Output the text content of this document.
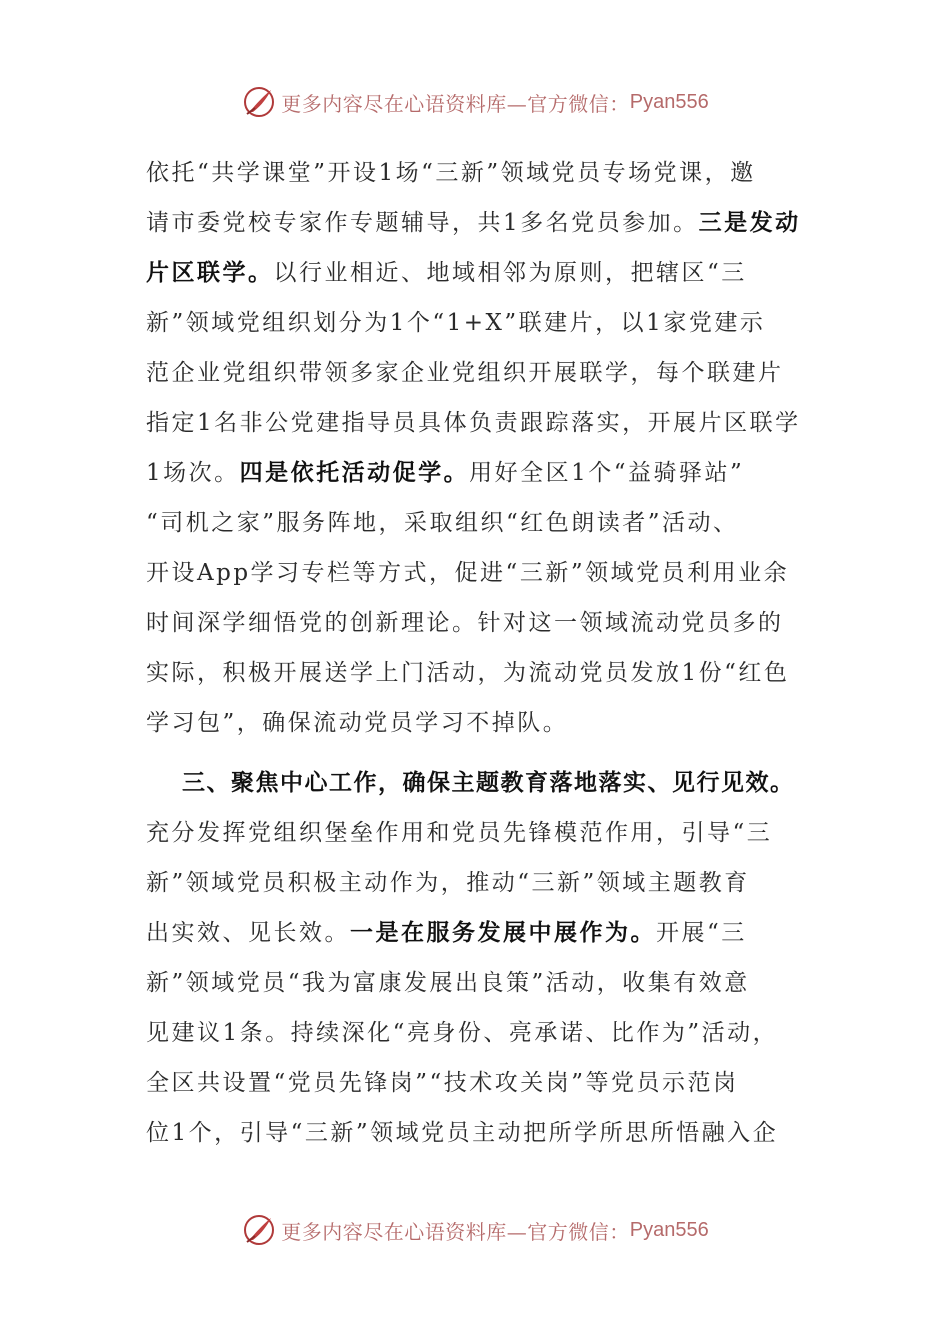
更多内容尽在心语资料库—官方微信： Pyan556
依托“共学课堂”开设1场“三新”领域党员专场党课，邀
请市委党校专家作专题辅导，共1多名党员参加。三是发动
片区联学。以行业相近、地域相邻为原则，把辖区“三
新”领域党组织划分为1个“1+X”联建片，以1家党建示
范企业党组织带领多家企业党组织开展联学，每个联建片
指定1名非公党建指导员具体负责跟踪落实，开展片区联学
1场次。四是依托活动促学。用好全区1个“益骑驿站”
“司机之家”服务阵地，采取组织“红色朗读者”活动、
开设App学习专栏等方式，促进“三新”领域党员利用业余
时间深学细悟党的创新理论。针对这一领域流动党员多的
实际，积极开展送学上门活动，为流动党员发放1份“红色
学习包”，确保流动党员学习不掉队。
三、聚焦中心工作，确保主题教育落地落实、见行见效。
充分发挥党组织堡垒作用和党员先锋模范作用，引导“三
新”领域党员积极主动作为，推动“三新”领域主题教育
出实效、见长效。一是在服务发展中展作为。开展“三
新”领域党员“我为富康发展出良策”活动，收集有效意
见建议1条。持续深化“亮身份、亮承诺、比作为”活动，
全区共设置“党员先锋岗”“技术攻关岗”等党员示范岗
位1个，引导“三新”领域党员主动把所学所思所悟融入企
更多内容尽在心语资料库—官方微信： Pyan556
